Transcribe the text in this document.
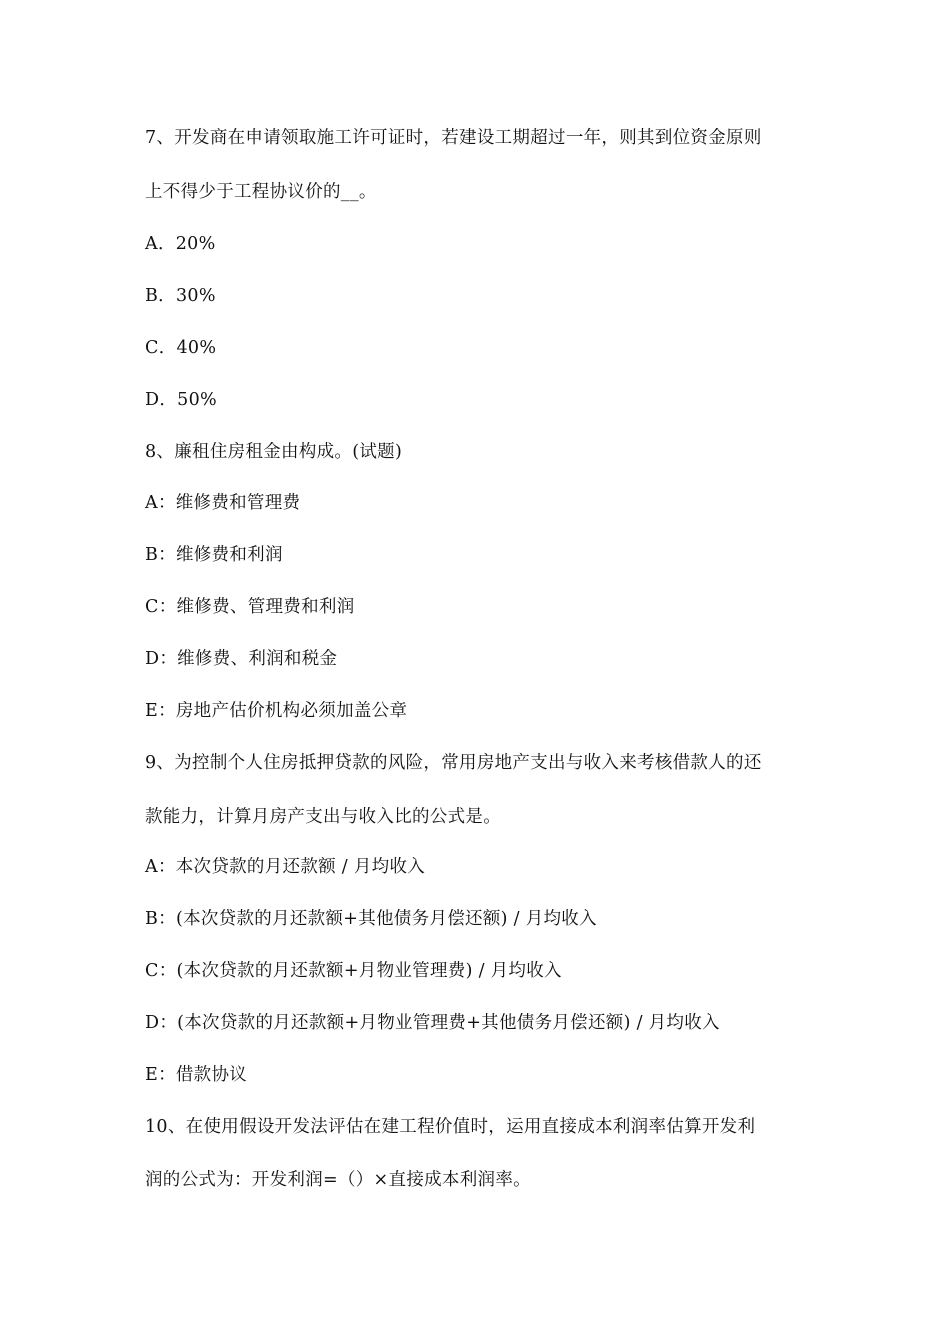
7、开发商在申请领取施工许可证时，若建设工期超过一年，则其到位资金原则
上不得少于工程协议价的__。
A．20%
B．30%
C．40%
D．50%
8、廉租住房租金由构成。(试题)
A：维修费和管理费
B：维修费和利润
C：维修费、管理费和利润
D：维修费、利润和税金
E：房地产估价机构必须加盖公章
9、为控制个人住房抵押贷款的风险，常用房地产支出与收入来考核借款人的还
款能力，计算月房产支出与收入比的公式是。
A：本次贷款的月还款额 / 月均收入
B：(本次贷款的月还款额+其他债务月偿还额) / 月均收入
C：(本次贷款的月还款额+月物业管理费) / 月均收入
D：(本次贷款的月还款额+月物业管理费+其他债务月偿还额) / 月均收入
E：借款协议
10、在使用假设开发法评估在建工程价值时，运用直接成本利润率估算开发利
润的公式为：开发利润=（）×直接成本利润率。
